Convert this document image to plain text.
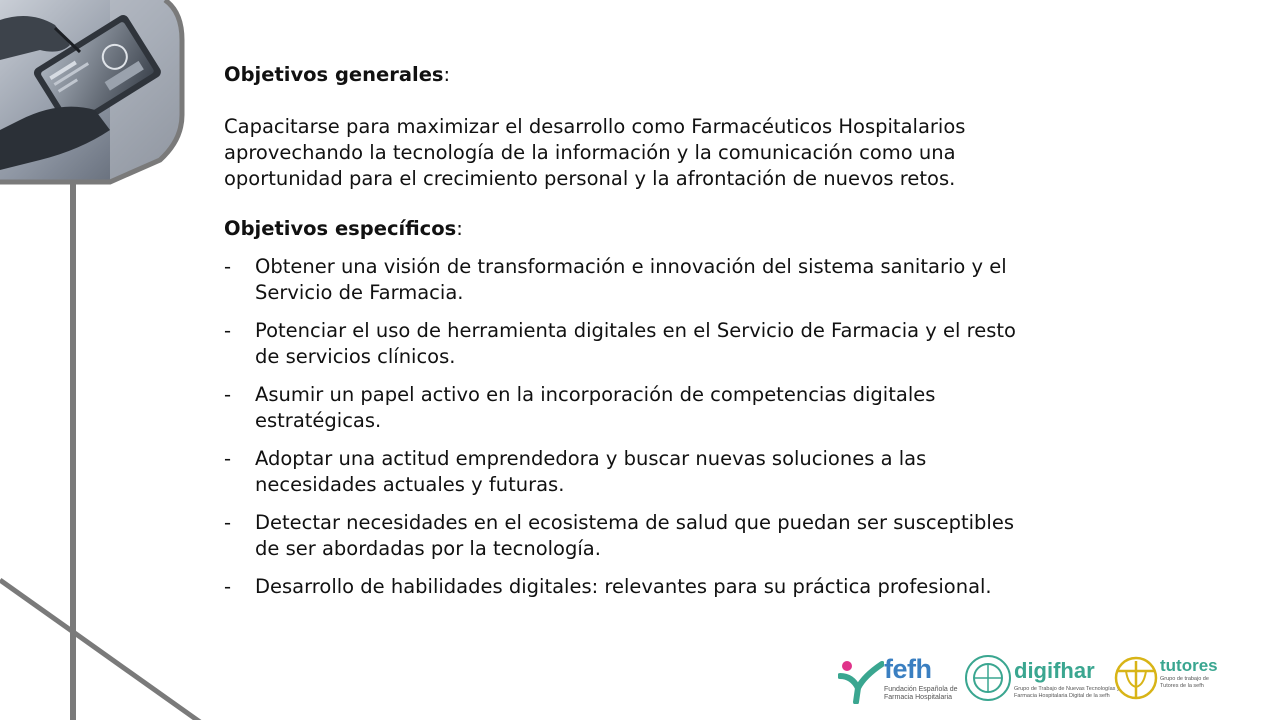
Objetivos generales:

Capacitarse para maximizar el desarrollo como Farmacéuticos Hospitalarios

aprovechando la tecnología de la información y la comunicación como una

oportunidad para el crecimiento personal y la afrontación de nuevos retos.

Objetivos específicos:

- Obtener una visión de transformación e innovación del sistema sanitario y el
Servicio de Farmacia.
- Potenciar el uso de herramienta digitales en el Servicio de Farmacia y el resto
de servicios clínicos.
- Asumir un papel activo en la incorporación de competencias digitales
estratégicas.
- Adoptar una actitud emprendedora y buscar nuevas soluciones a las
necesidades actuales y futuras.
- Detectar necesidades en el ecosistema de salud que puedan ser susceptibles
de ser abordadas por la tecnología.
- Desarrollo de habilidades digitales: relevantes para su práctica profesional.
fefh
Fundación Española de Farmacia Hospitalaria
digifhar
Grupo de Trabajo de Nuevas Tecnologías y Farmacia Hospitalaria Digital de la sefh
tutores
Grupo de trabajo de Tutores de la sefh
